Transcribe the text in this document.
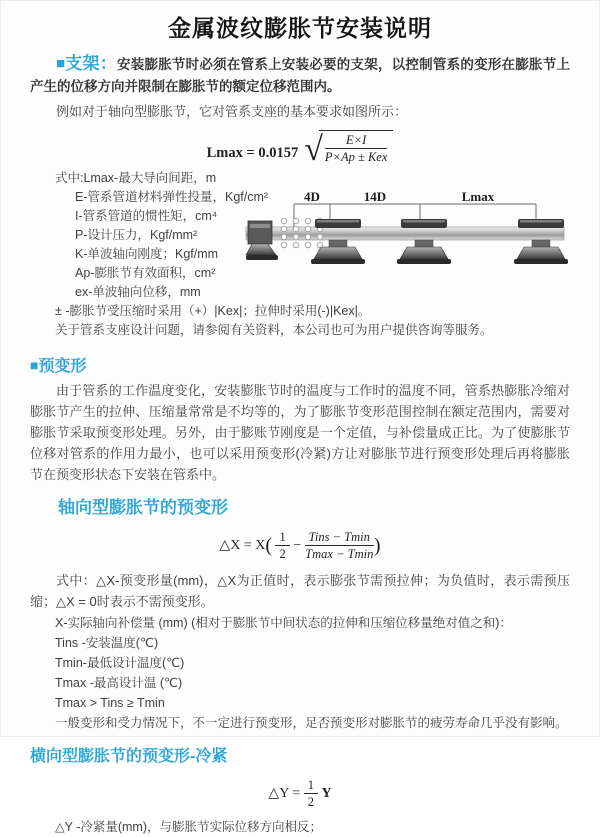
金属波纹膨胀节安装说明

■支架：安装膨胀节时必须在管系上安装必要的支架，以控制管系的变形在膨胀节上产生的位移方向并限制在膨胀节的额定位移范围内。

例如对于轴向型膨胀节，它对管系支座的基本要求如图所示：

Lmax = 0.0157 √ $\frac{E\times I}{\text{P×Ap ± Kex}}$
式中:Lmax-最大导向间距，m
E-管系管道材料弹性投量，Kgf/cm²
I-管系管道的惯性矩，cm⁴
P-设计压力，Kgf/mm²
K-单波轴向刚度；Kgf/mm
Ap-膨胀节有效面积，cm²
ex-单波轴向位移，mm
± -膨胀节受压缩时采用（+）|Kex|；拉伸时采用(-)|Kex|。
关于管系支座设计问题，请参阅有关资料，本公司也可为用户提供咨询等服务。
■预变形

由于管系的工作温度变化，安装膨胀节时的温度与工作时的温度不同，管系热膨胀冷缩对膨胀节产生的拉伸、压缩量常常是不均等的，为了膨胀节变形范围控制在额定范围内，需要对膨胀节采取预变形处理。另外，由于膨账节刚度是一个定值，与补偿量成正比。为了使膨胀节位移对管系的作用力最小，也可以采用预变形(冷紧)方让对膨胀节进行预变形处理后再将膨胀节在预变形状态下安装在管系中。

轴向型膨胀节的预变形
△X = $X( \frac{1}{2} - \frac{\text{Tins − Tmin}}{Tmax - Tmin}$ )

式中：△X-预变形量(mm)，△X为正值时，表示膨张节需预拉伸；为负值时，表示需预压缩；△X = 0时表示不需预变形。

X-实际轴向补偿量 (mm) (相对于膨胀节中间状态的拉伸和压缩位移量绝对值之和)：
Tins -安装温度(℃)
Tmin-最低设计温度(℃)
Tmax -最高设计温 (℃)
Tmax > Tins ≥ Tmin
一般变形和受力情况下，不一定进行预变形，足否预变形对膨胀节的疲劳寿命几乎没有影响。
横向型膨胀节的预变形-冷紧
△Y = $\frac{1}{2}$ Y
△Y -冷紧量(mm)，与膨胀节实际位移方向相反；
4D	14D	Lmax
